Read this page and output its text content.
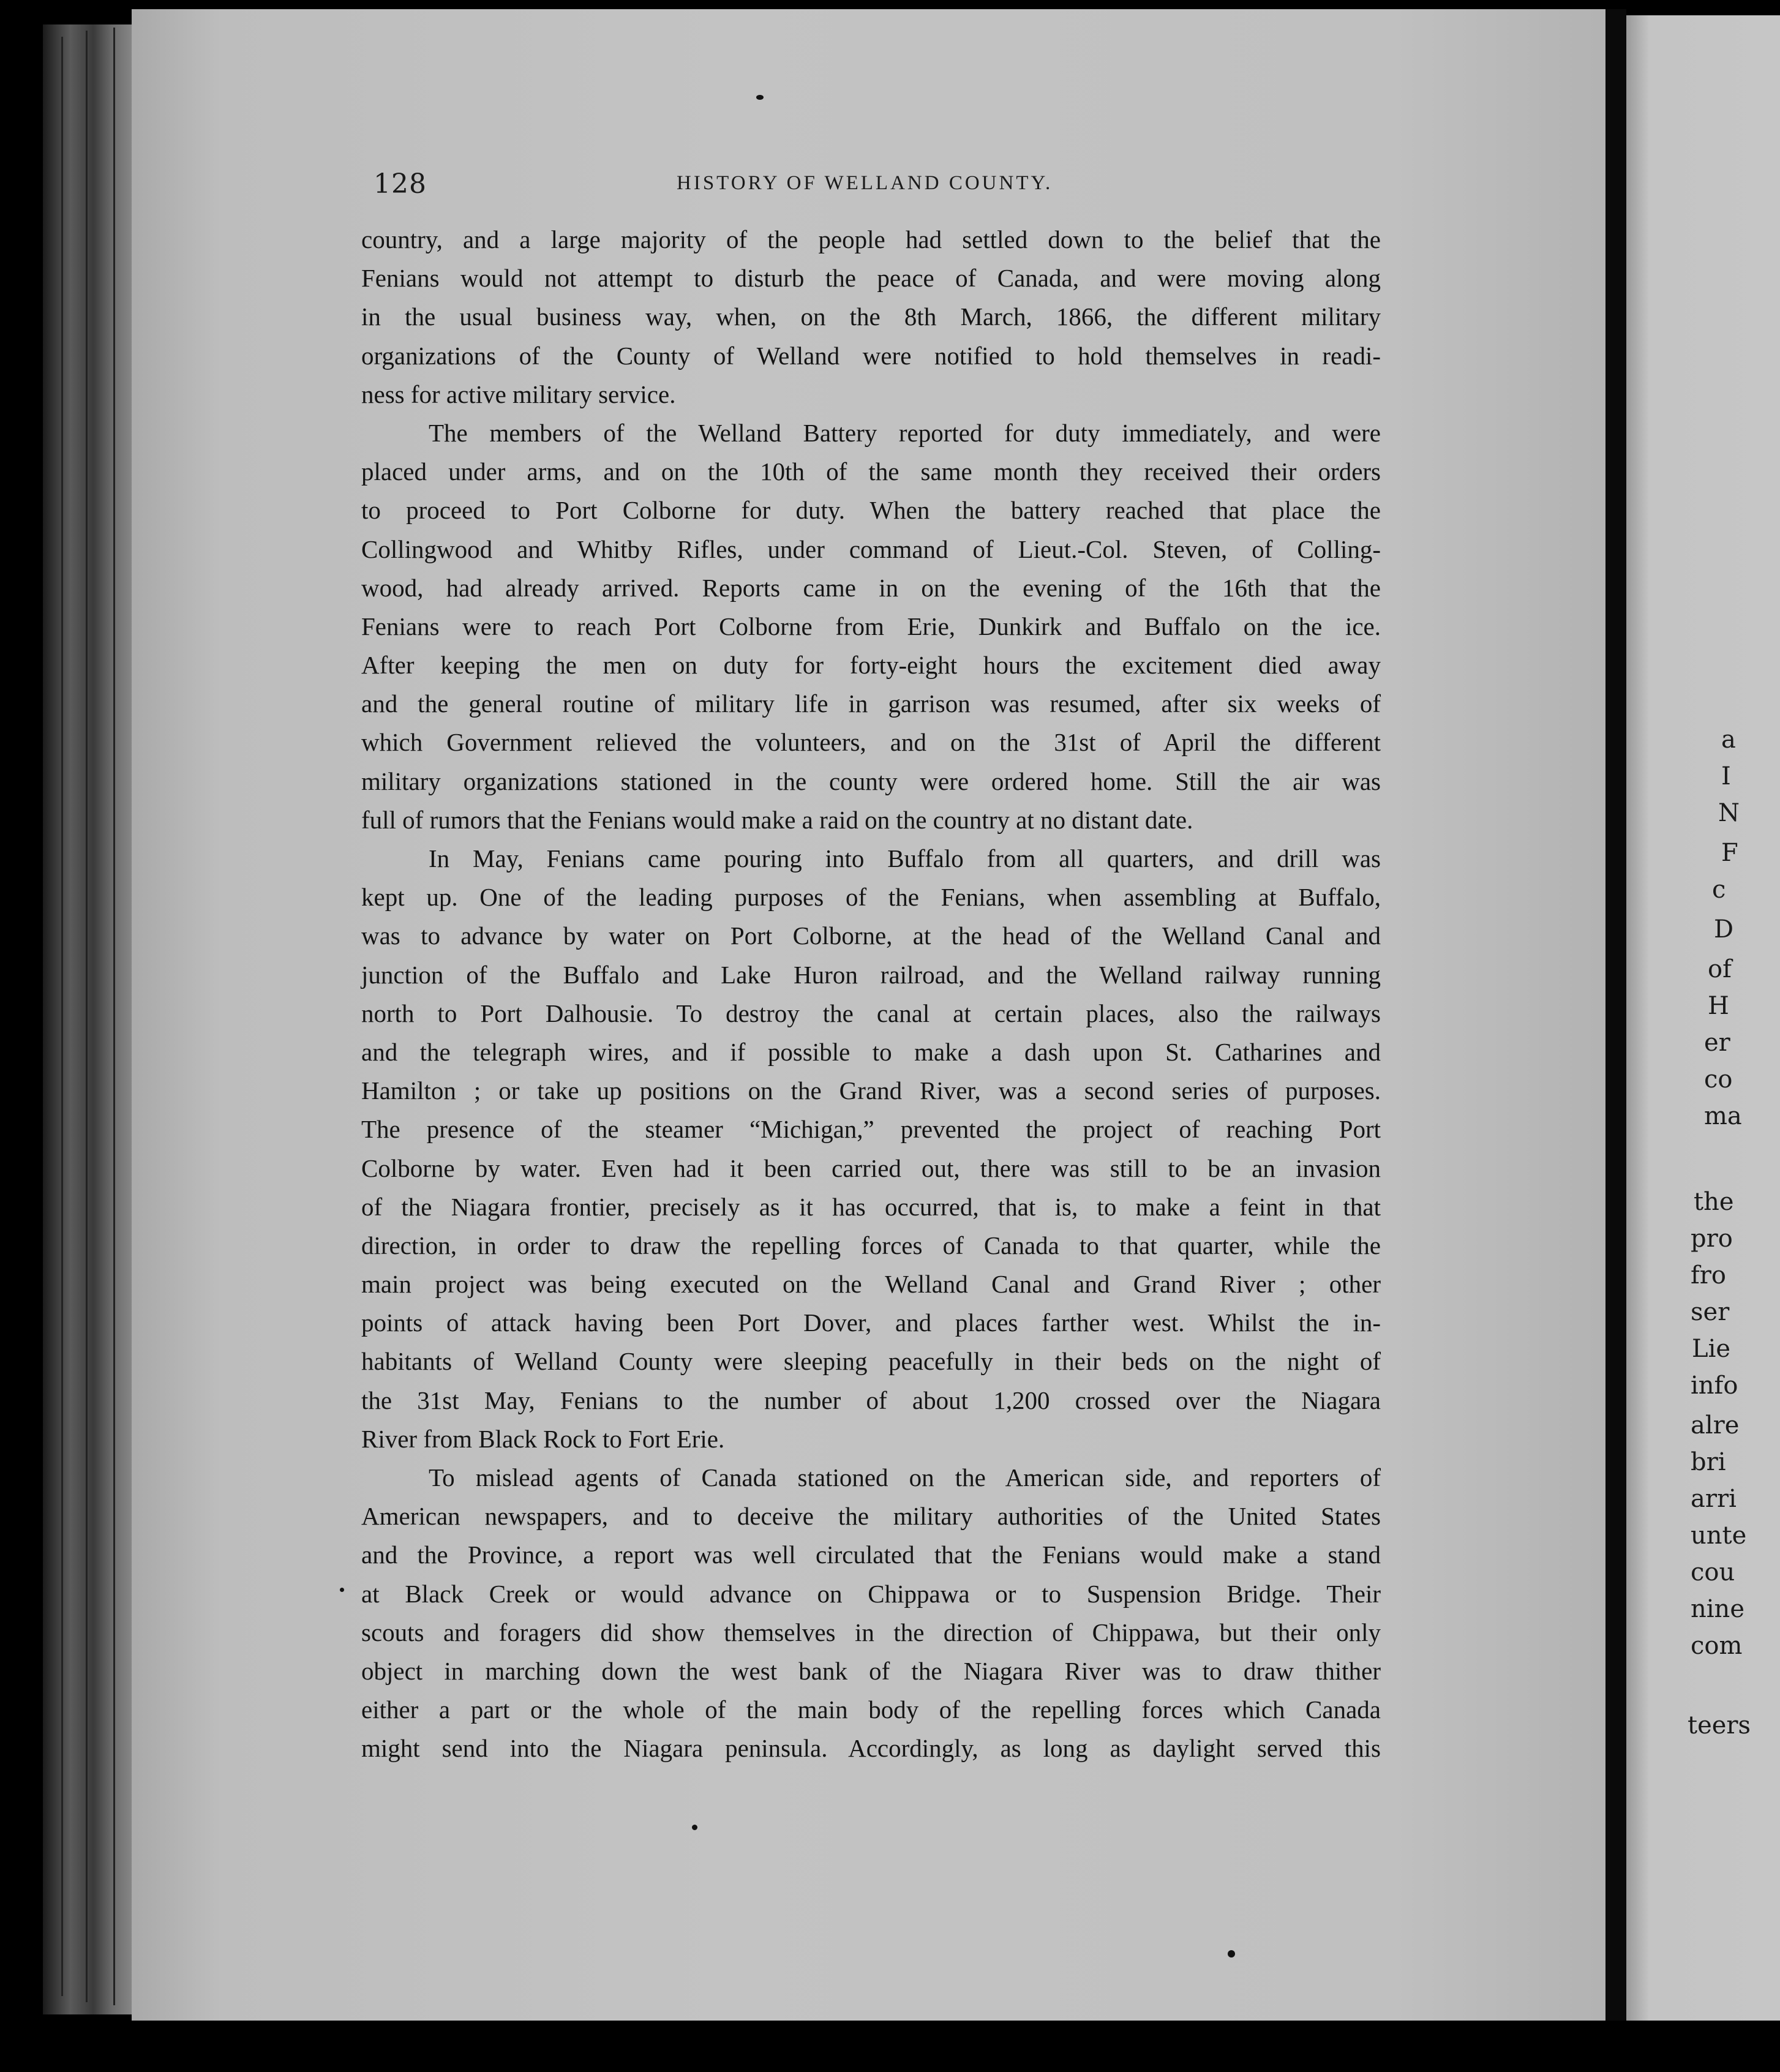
a
I
N
F
c
D
of
H
er
co
ma
the
pro
fro
ser
Lie
info
alre
bri
arri
unte
cou
nine
com
teers
128	HISTORY OF WELLAND COUNTY.
country, and a large majority of the people had settled down to the belief that the
Fenians would not attempt to disturb the peace of Canada, and were moving along
in the usual business way, when, on the 8th March, 1866, the different military
organizations of the County of Welland were notified to hold themselves in readi-
ness for active military service.
The members of the Welland Battery reported for duty immediately, and were
placed under arms, and on the 10th of the same month they received their orders
to proceed to Port Colborne for duty. When the battery reached that place the
Collingwood and Whitby Rifles, under command of Lieut.-Col. Steven, of Colling-
wood, had already arrived. Reports came in on the evening of the 16th that the
Fenians were to reach Port Colborne from Erie, Dunkirk and Buffalo on the ice.
After keeping the men on duty for forty-eight hours the excitement died away
and the general routine of military life in garrison was resumed, after six weeks of
which Government relieved the volunteers, and on the 31st of April the different
military organizations stationed in the county were ordered home. Still the air was
full of rumors that the Fenians would make a raid on the country at no distant date.
In May, Fenians came pouring into Buffalo from all quarters, and drill was
kept up. One of the leading purposes of the Fenians, when assembling at Buffalo,
was to advance by water on Port Colborne, at the head of the Welland Canal and
junction of the Buffalo and Lake Huron railroad, and the Welland railway running
north to Port Dalhousie. To destroy the canal at certain places, also the railways
and the telegraph wires, and if possible to make a dash upon St. Catharines and
Hamilton ; or take up positions on the Grand River, was a second series of purposes.
The presence of the steamer “Michigan,” prevented the project of reaching Port
Colborne by water. Even had it been carried out, there was still to be an invasion
of the Niagara frontier, precisely as it has occurred, that is, to make a feint in that
direction, in order to draw the repelling forces of Canada to that quarter, while the
main project was being executed on the Welland Canal and Grand River ; other
points of attack having been Port Dover, and places farther west. Whilst the in-
habitants of Welland County were sleeping peacefully in their beds on the night of
the 31st May, Fenians to the number of about 1,200 crossed over the Niagara
River from Black Rock to Fort Erie.
To mislead agents of Canada stationed on the American side, and reporters of
American newspapers, and to deceive the military authorities of the United States
and the Province, a report was well circulated that the Fenians would make a stand
at Black Creek or would advance on Chippawa or to Suspension Bridge. Their
scouts and foragers did show themselves in the direction of Chippawa, but their only
object in marching down the west bank of the Niagara River was to draw thither
either a part or the whole of the main body of the repelling forces which Canada
might send into the Niagara peninsula. Accordingly, as long as daylight served this
